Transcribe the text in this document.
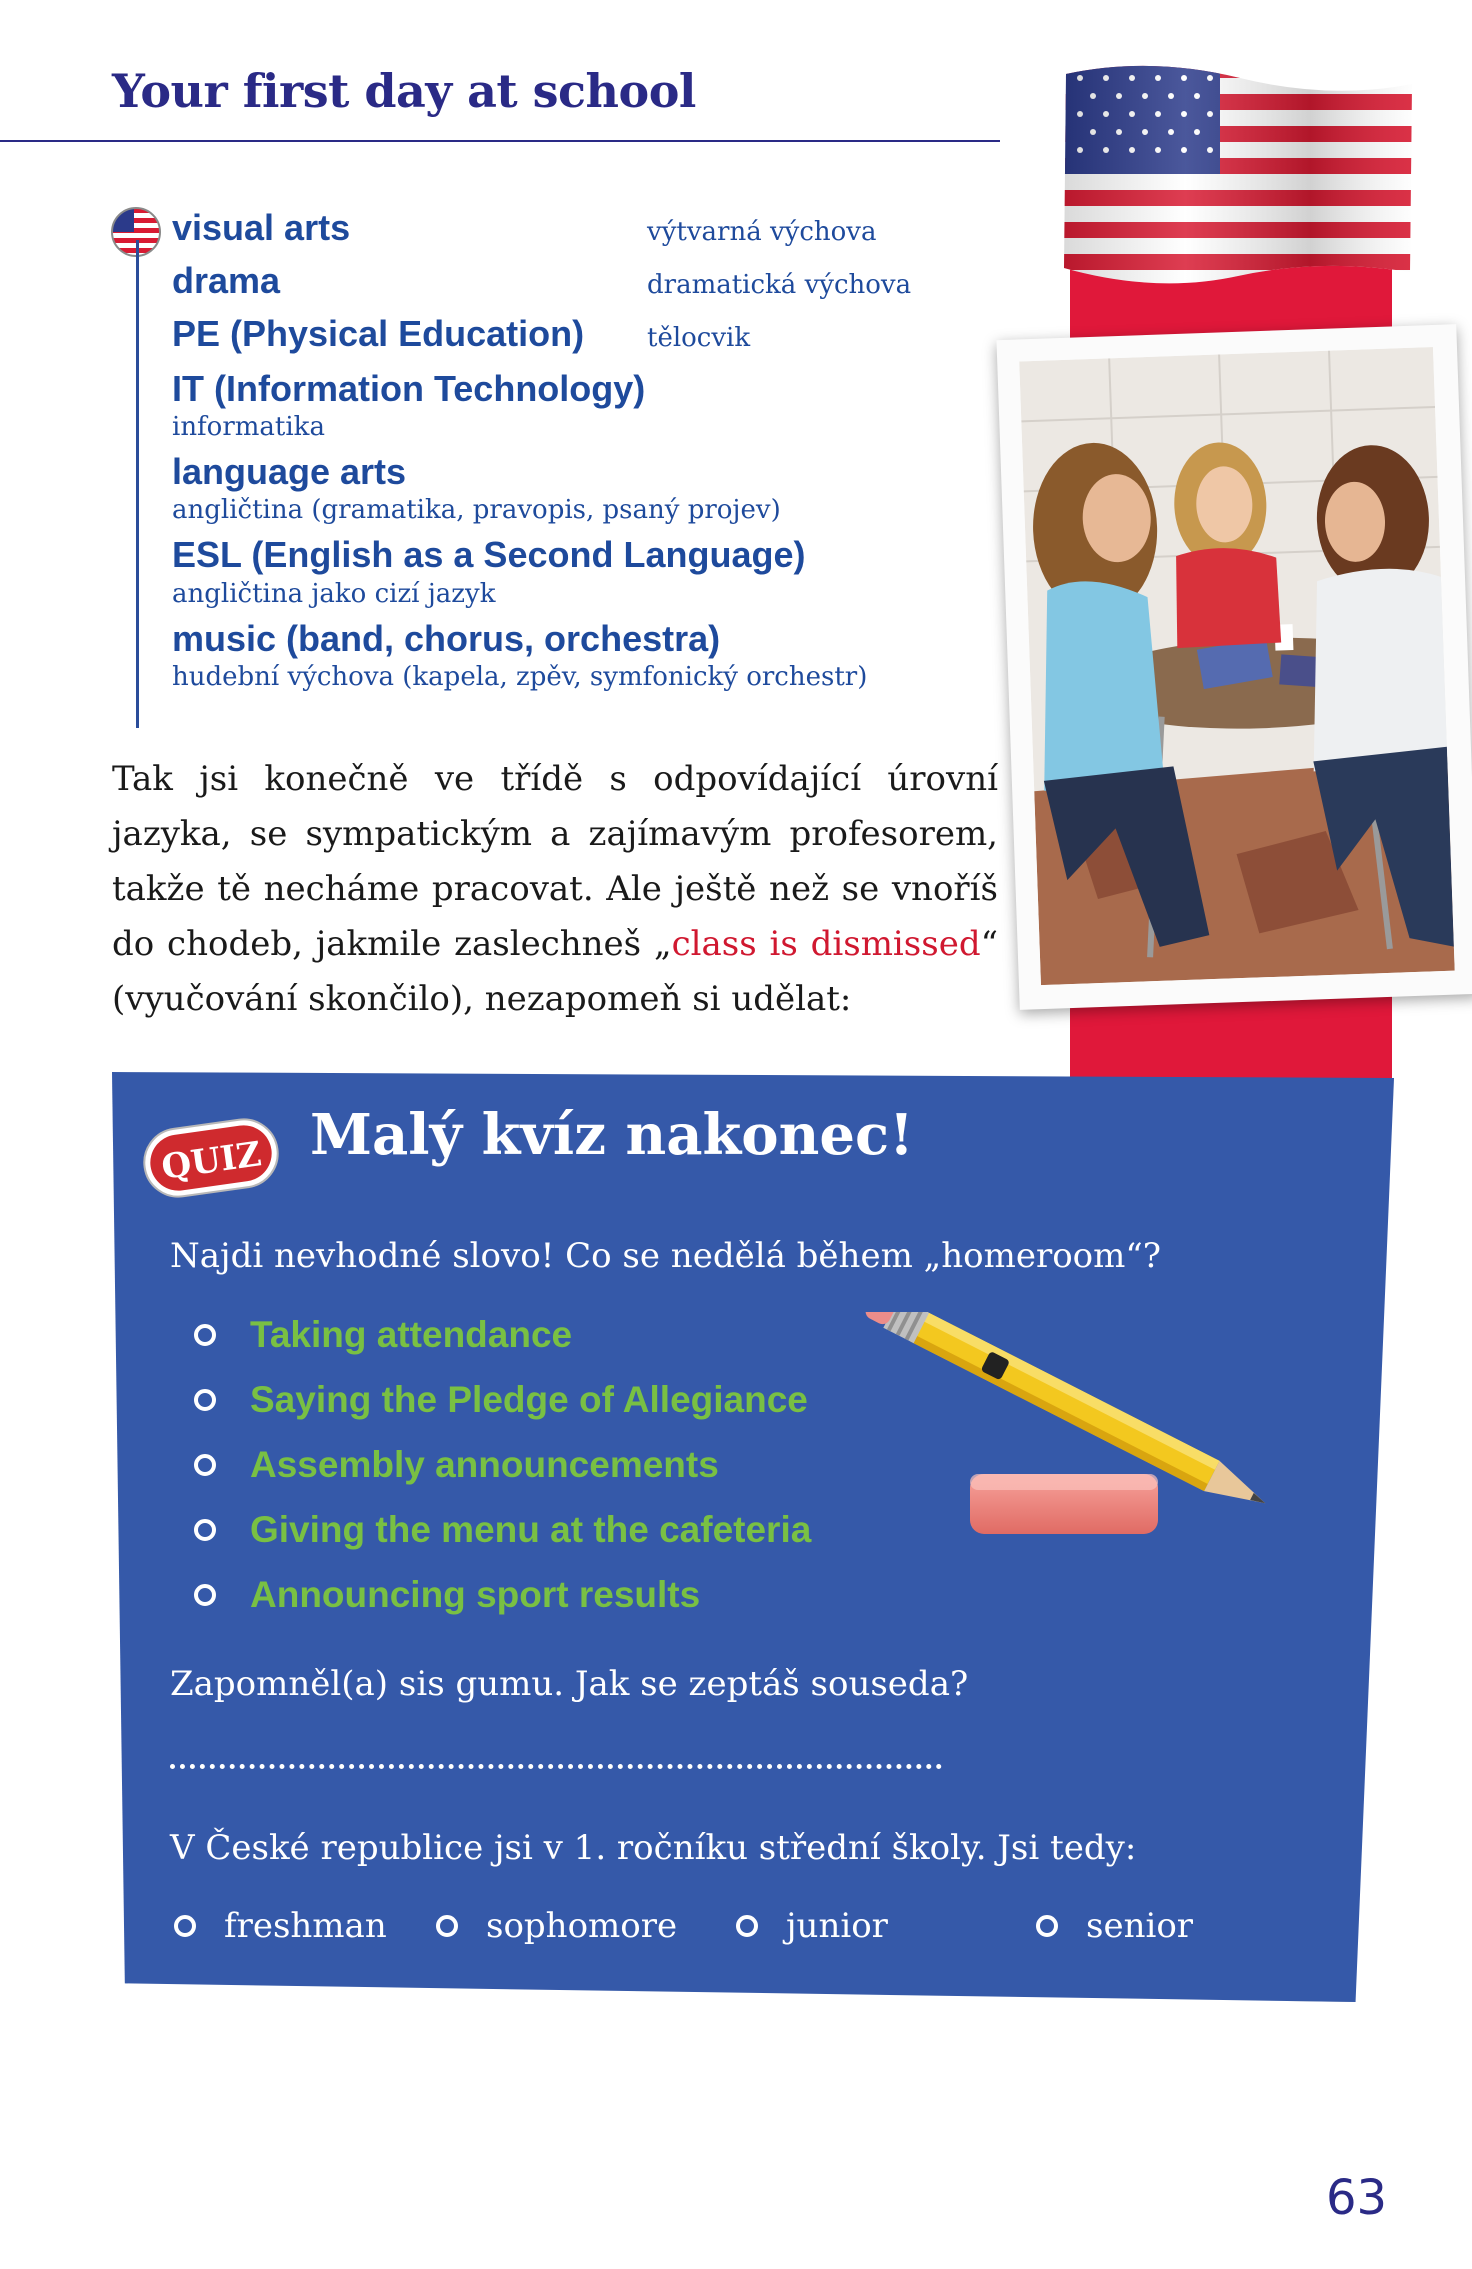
Your first day at school
visual arts	výtvarná výchova
drama	dramatická výchova
PE (Physical Education)	tělocvik
IT (Information Technology)
informatika
language arts
angličtina (gramatika, pravopis, psaný projev)
ESL (English as a Second Language)
angličtina jako cizí jazyk
music (band, chorus, orchestra)
hudební výchova (kapela, zpěv, symfonický orchestr)
Tak jsi konečně ve třídě s odpovídající úrovní jazyka, se sympatickým a zajímavým profesorem, takže tě necháme pracovat. Ale ještě než se vnoříš do chodeb, jakmile zaslechneš „class is dismissed“ (vyučování skončilo), nezapomeň si udělat:
QUIZ Malý kvíz nakonec!
Najdi nevhodné slovo! Co se nedělá během „homeroom“?
Taking attendance
Saying the Pledge of Allegiance
Assembly announcements
Giving the menu at the cafeteria
Announcing sport results
Zapomněl(a) sis gumu. Jak se zeptáš souseda?
V České republice jsi v 1. ročníku střední školy. Jsi tedy:
freshman	sophomore	junior	senior
63
